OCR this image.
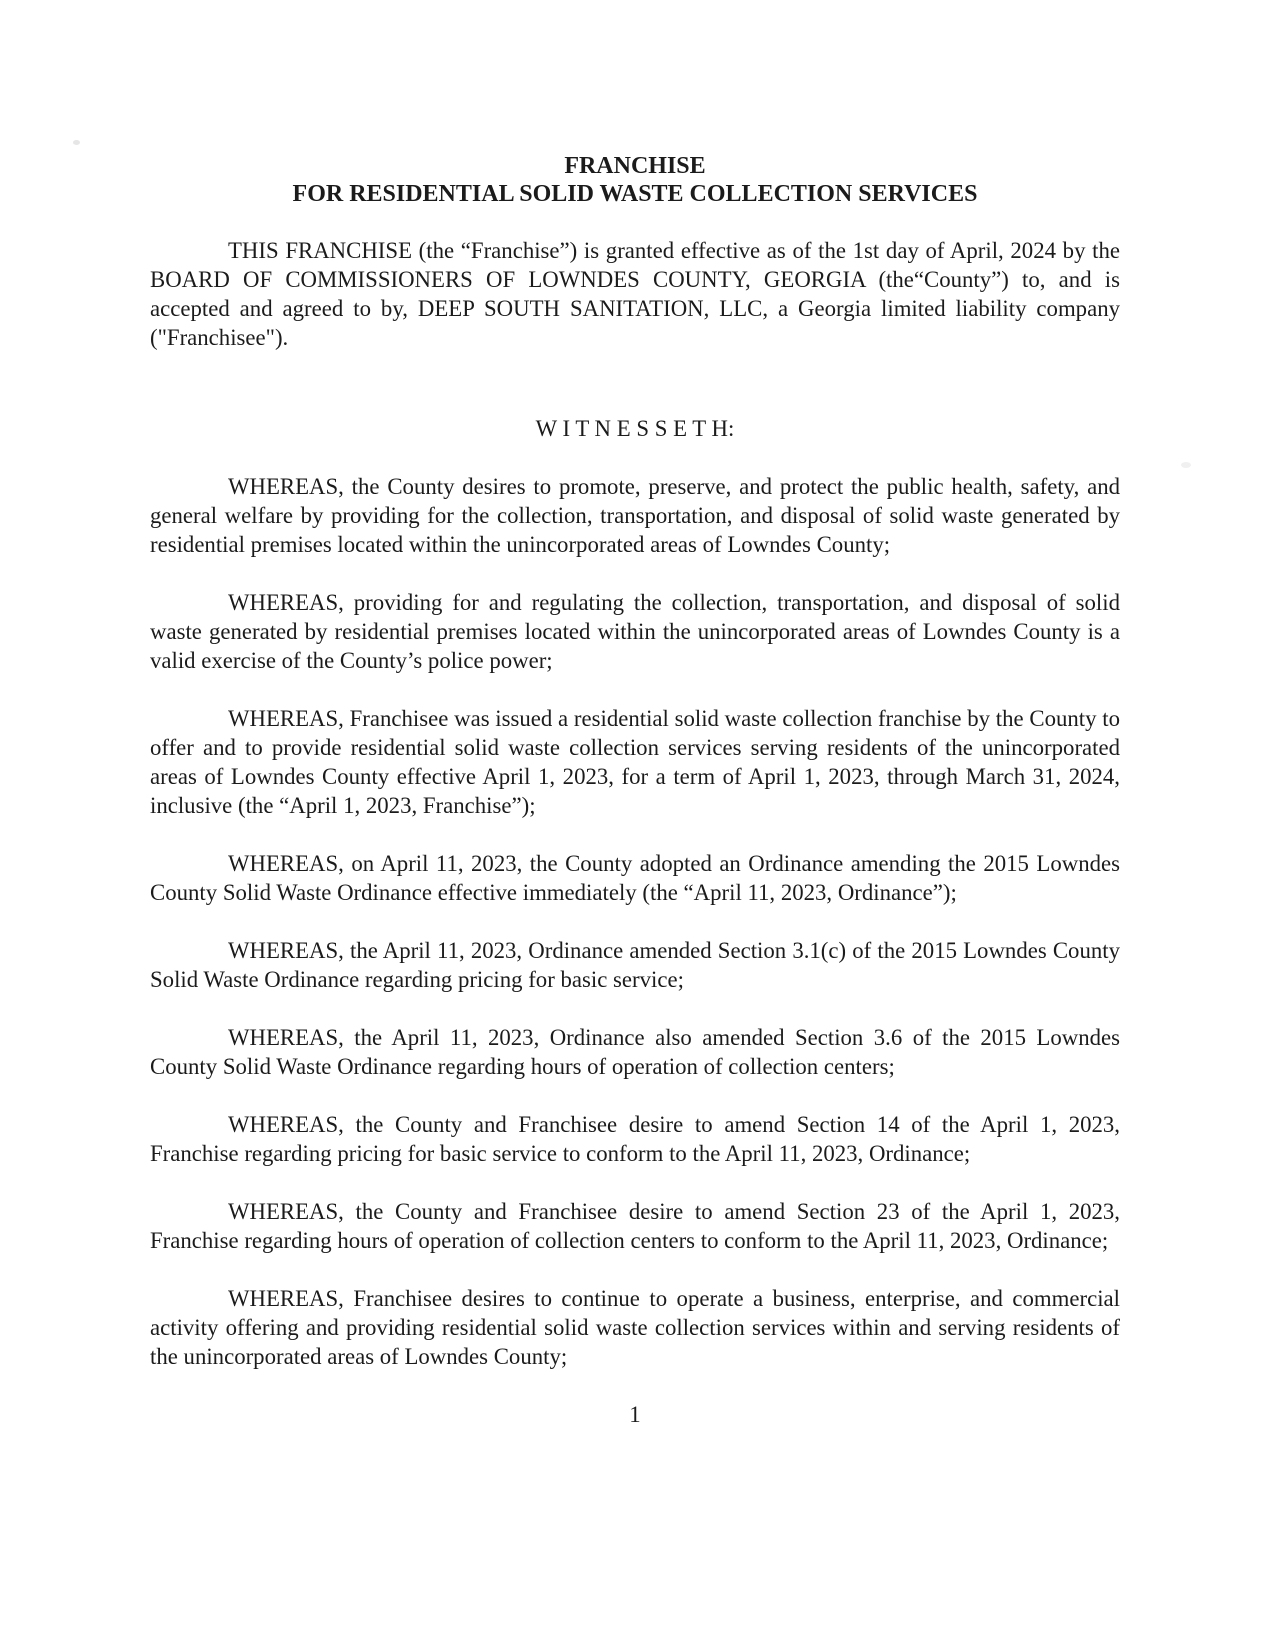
FRANCHISE
FOR RESIDENTIAL SOLID WASTE COLLECTION SERVICES

THIS FRANCHISE (the “Franchise”) is granted effective as of the 1st day of April, 2024 by the BOARD OF COMMISSIONERS OF LOWNDES COUNTY, GEORGIA (the“County”) to, and is accepted and agreed to by, DEEP SOUTH SANITATION, LLC, a Georgia limited liability company ("Franchisee").

W I T N E S S E T H:

WHEREAS, the County desires to promote, preserve, and protect the public health, safety, and general welfare by providing for the collection, transportation, and disposal of solid waste generated by residential premises located within the unincorporated areas of Lowndes County;

WHEREAS, providing for and regulating the collection, transportation, and disposal of solid waste generated by residential premises located within the unincorporated areas of Lowndes County is a valid exercise of the County’s police power;

WHEREAS, Franchisee was issued a residential solid waste collection franchise by the County to offer and to provide residential solid waste collection services serving residents of the unincorporated areas of Lowndes County effective April 1, 2023, for a term of April 1, 2023, through March 31, 2024, inclusive (the “April 1, 2023, Franchise”);

WHEREAS, on April 11, 2023, the County adopted an Ordinance amending the 2015 Lowndes County Solid Waste Ordinance effective immediately (the “April 11, 2023, Ordinance”);

WHEREAS, the April 11, 2023, Ordinance amended Section 3.1(c) of the 2015 Lowndes County Solid Waste Ordinance regarding pricing for basic service;

WHEREAS, the April 11, 2023, Ordinance also amended Section 3.6 of the 2015 Lowndes County Solid Waste Ordinance regarding hours of operation of collection centers;

WHEREAS, the County and Franchisee desire to amend Section 14 of the April 1, 2023, Franchise regarding pricing for basic service to conform to the April 11, 2023, Ordinance;

WHEREAS, the County and Franchisee desire to amend Section 23 of the April 1, 2023, Franchise regarding hours of operation of collection centers to conform to the April 11, 2023, Ordinance;

WHEREAS, Franchisee desires to continue to operate a business, enterprise, and commercial activity offering and providing residential solid waste collection services within and serving residents of the unincorporated areas of Lowndes County;

1
